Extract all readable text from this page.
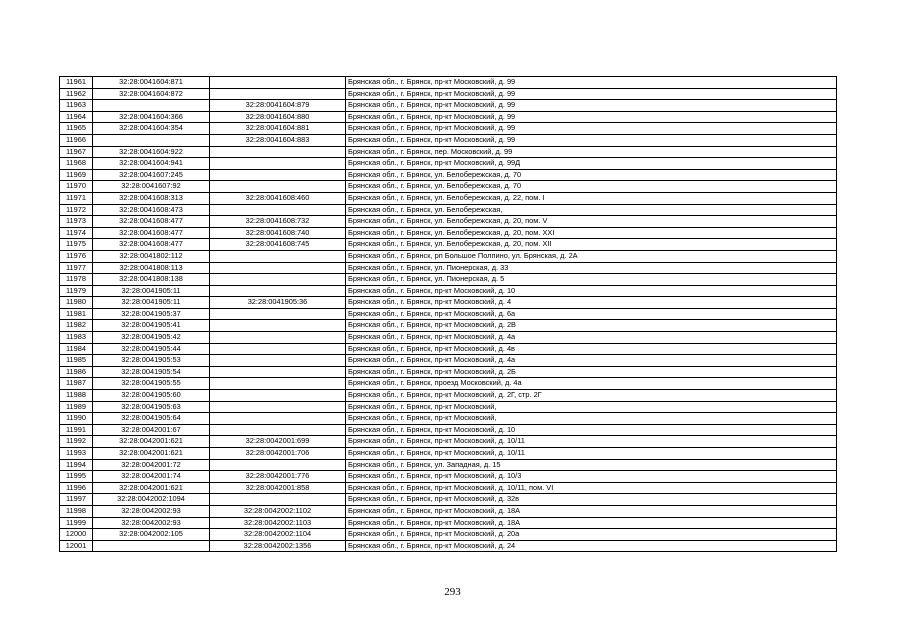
11961	32:28:0041604:871		Брянская обл., г. Брянск, пр-кт Московский, д. 99
11962	32:28:0041604:872		Брянская обл., г. Брянск, пр-кт Московский, д. 99
11963		32:28:0041604:879	Брянская обл., г. Брянск, пр-кт Московский, д. 99
11964	32:28:0041604:366	32:28:0041604:880	Брянская обл., г. Брянск, пр-кт Московский, д. 99
11965	32:28:0041604:354	32:28:0041604:881	Брянская обл., г. Брянск, пр-кт Московский, д. 99
11966		32:28:0041604:883	Брянская обл., г. Брянск, пр-кт Московский, д. 99
11967	32:28:0041604:922		Брянская обл., г. Брянск, пер. Московский, д. 99
11968	32:28:0041604:941		Брянская обл., г. Брянск, пр-кт Московский, д. 99Д
11969	32:28:0041607:245		Брянская обл., г. Брянск, ул. Белобережская, д. 70
11970	32:28:0041607:92		Брянская обл., г. Брянск, ул. Белобережская, д. 70
11971	32:28:0041608:313	32:28:0041608:460	Брянская обл., г. Брянск, ул. Белобережская, д. 22, пом. I
11972	32:28:0041608:473		Брянская обл., г. Брянск, ул. Белобережская,
11973	32:28:0041608:477	32:28:0041608:732	Брянская обл., г. Брянск, ул. Белобережская, д. 20, пом. V
11974	32:28:0041608:477	32:28:0041608:740	Брянская обл., г. Брянск, ул. Белобережская, д. 20, пом. XXI
11975	32:28:0041608:477	32:28:0041608:745	Брянская обл., г. Брянск, ул. Белобережская, д. 20, пом. XII
11976	32:28:0041802:112		Брянская обл., г. Брянск, рп Большое Полпино, ул. Брянская, д. 2А
11977	32:28:0041808:113		Брянская обл., г. Брянск, ул. Пионерская, д. 33
11978	32:28:0041808:138		Брянская обл., г. Брянск, ул. Пионерская, д. 5
11979	32:28:0041905:11		Брянская обл., г. Брянск, пр-кт Московский, д. 10
11980	32:28:0041905:11	32:28:0041905:36	Брянская обл., г. Брянск, пр-кт Московский, д. 4
11981	32:28:0041905:37		Брянская обл., г. Брянск, пр-кт Московский, д. 6а
11982	32:28:0041905:41		Брянская обл., г. Брянск, пр-кт Московский, д. 2В
11983	32:28:0041905:42		Брянская обл., г. Брянск, пр-кт Московский, д. 4а
11984	32:28:0041905:44		Брянская обл., г. Брянск, пр-кт Московский, д. 4в
11985	32:28:0041905:53		Брянская обл., г. Брянск, пр-кт Московский, д. 4а
11986	32:28:0041905:54		Брянская обл., г. Брянск, пр-кт Московский, д. 2Б
11987	32:28:0041905:55		Брянская обл., г. Брянск, проезд Московский, д. 4а
11988	32:28:0041905:60		Брянская обл., г. Брянск, пр-кт Московский, д. 2Г, стр. 2Г
11989	32:28:0041905:63		Брянская обл., г. Брянск, пр-кт Московский,
11990	32:28:0041905:64		Брянская обл., г. Брянск, пр-кт Московский,
11991	32:28:0042001:67		Брянская обл., г. Брянск, пр-кт Московский, д. 10
11992	32:28:0042001:621	32:28:0042001:699	Брянская обл., г. Брянск, пр-кт Московский, д. 10/11
11993	32:28:0042001:621	32:28:0042001:706	Брянская обл., г. Брянск, пр-кт Московский, д. 10/11
11994	32:28:0042001:72		Брянская обл., г. Брянск, ул. Западная, д. 15
11995	32:28:0042001:74	32:28:0042001:776	Брянская обл., г. Брянск, пр-кт Московский, д. 10/3
11996	32:28:0042001:621	32:28:0042001:858	Брянская обл., г. Брянск, пр-кт Московский, д. 10/11, пом. VI
11997	32:28:0042002:1094		Брянская обл., г. Брянск, пр-кт Московский, д. 32в
11998	32:28:0042002:93	32:28:0042002:1102	Брянская обл., г. Брянск, пр-кт Московский, д. 18А
11999	32:28:0042002:93	32:28:0042002:1103	Брянская обл., г. Брянск, пр-кт Московский, д. 18А
12000	32:28:0042002:105	32:28:0042002:1104	Брянская обл., г. Брянск, пр-кт Московский, д. 20а
12001		32:28:0042002:1356	Брянская обл., г. Брянск, пр-кт Московский, д. 24
293
